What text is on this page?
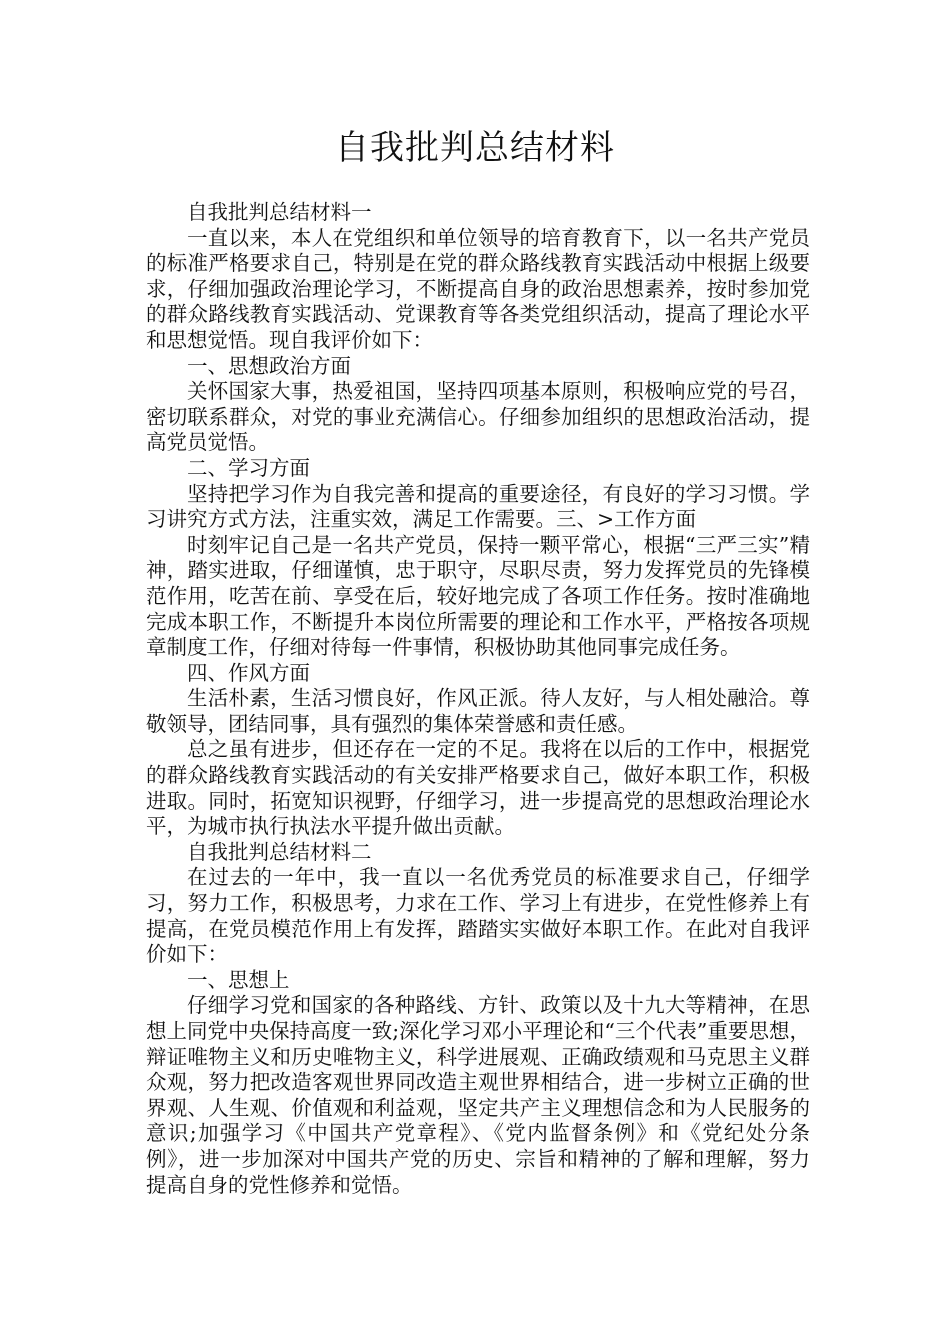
自我批判总结材料

自我批判总结材料一

一直以来，本人在党组织和单位领导的培育教育下，以一名共产党员的标准严格要求自己，特别是在党的群众路线教育实践活动中根据上级要求，仔细加强政治理论学习，不断提高自身的政治思想素养，按时参加党的群众路线教育实践活动、党课教育等各类党组织活动，提高了理论水平和思想觉悟。现自我评价如下：

一、思想政治方面

关怀国家大事，热爱祖国，坚持四项基本原则，积极响应党的号召，密切联系群众，对党的事业充满信心。仔细参加组织的思想政治活动，提高党员觉悟。

二、学习方面

坚持把学习作为自我完善和提高的重要途径，有良好的学习习惯。学习讲究方式方法，注重实效，满足工作需要。三、>工作方面

时刻牢记自己是一名共产党员，保持一颗平常心，根据“三严三实”精神，踏实进取，仔细谨慎，忠于职守，尽职尽责，努力发挥党员的先锋模范作用，吃苦在前、享受在后，较好地完成了各项工作任务。按时准确地完成本职工作，不断提升本岗位所需要的理论和工作水平，严格按各项规章制度工作，仔细对待每一件事情，积极协助其他同事完成任务。

四、作风方面

生活朴素，生活习惯良好，作风正派。待人友好，与人相处融洽。尊敬领导，团结同事，具有强烈的集体荣誉感和责任感。

总之虽有进步，但还存在一定的不足。我将在以后的工作中，根据党的群众路线教育实践活动的有关安排严格要求自己，做好本职工作，积极进取。同时，拓宽知识视野，仔细学习，进一步提高党的思想政治理论水平，为城市执行执法水平提升做出贡献。

自我批判总结材料二

在过去的一年中，我一直以一名优秀党员的标准要求自己，仔细学习，努力工作，积极思考，力求在工作、学习上有进步，在党性修养上有提高，在党员模范作用上有发挥，踏踏实实做好本职工作。在此对自我评价如下：

一、思想上

仔细学习党和国家的各种路线、方针、政策以及十九大等精神，在思想上同党中央保持高度一致;深化学习邓小平理论和“三个代表”重要思想，辩证唯物主义和历史唯物主义，科学进展观、正确政绩观和马克思主义群众观，努力把改造客观世界同改造主观世界相结合，进一步树立正确的世界观、人生观、价值观和利益观，坚定共产主义理想信念和为人民服务的意识;加强学习《中国共产党章程》、《党内监督条例》和《党纪处分条例》，进一步加深对中国共产党的历史、宗旨和精神的了解和理解，努力提高自身的党性修养和觉悟。
